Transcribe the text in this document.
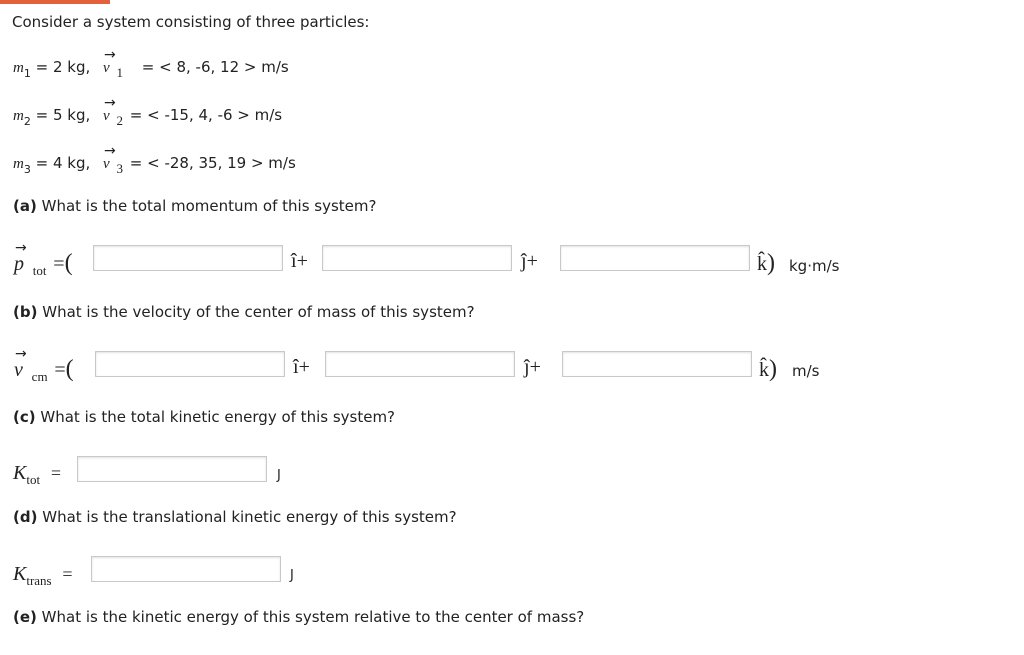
Consider a system consisting of three particles:
$m_1 = 2$ kg, → v 1 = < 8, -6, 12 > m/s
$m_2 = 5$ kg, → v 2 = < -15, 4, -6 > m/s
$m_3 = 4$ kg, → v 3 = < -28, 35, 19 > m/s
(a) What is the total momentum of this system?
→ p tot =(	î+	ĵ+	k̂) kg·m/s
(b) What is the velocity of the center of mass of this system?
→ v cm =(	î+	ĵ+	k̂) m/s
(c) What is the total kinetic energy of this system?
Ktot =	J
(d) What is the translational kinetic energy of this system?
Ktrans =	J
(e) What is the kinetic energy of this system relative to the center of mass?
